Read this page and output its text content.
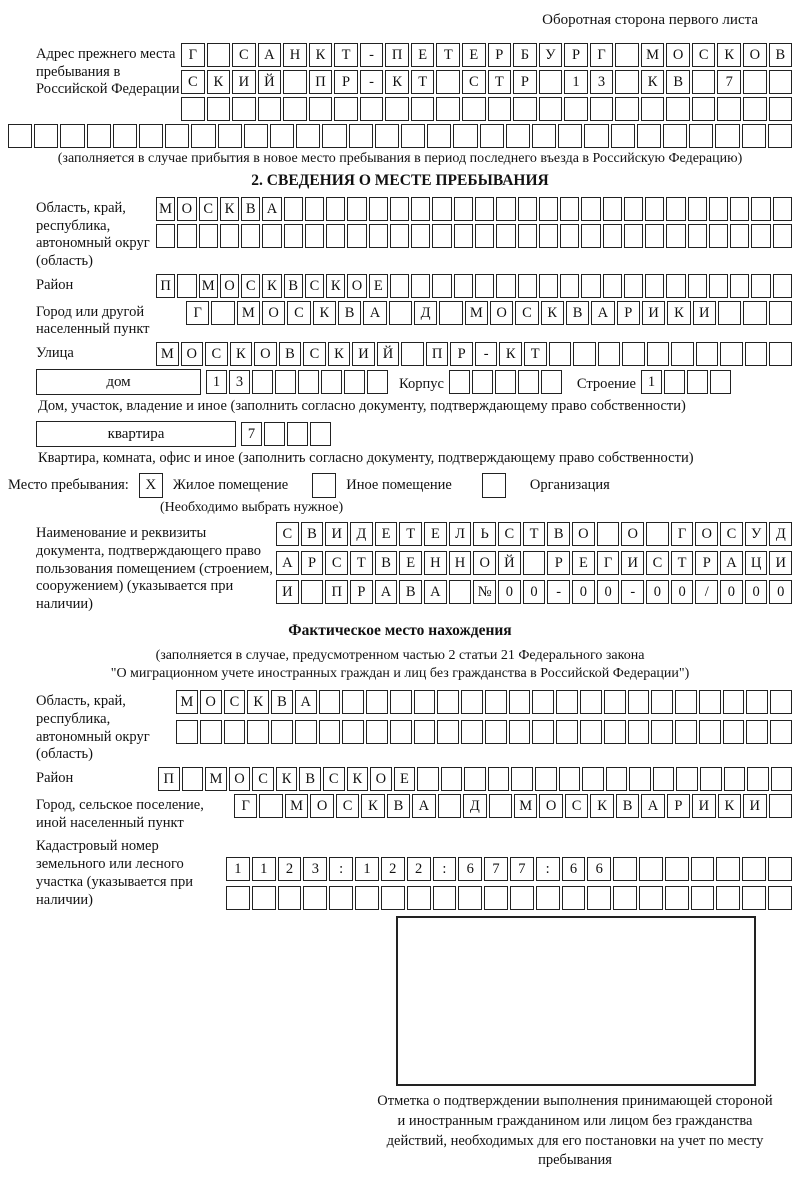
Оборотная сторона первого листа
Адрес прежнего места пребывания в Российской Федерации
Г	С	А	Н	К	Т	-	П	Е	Т	Е	Р	Б	У	Р	Г	М О	С	К	О	В
С	К	И	Й	П	Р	-	К	Т	С	Т	Р	1	3	К	В	7
(заполняется в случае прибытия в новое место пребывания в период последнего въезда в Российскую Федерацию)
2. СВЕДЕНИЯ О МЕСТЕ ПРЕБЫВАНИЯ
Область, край, республика, автономный округ (область)
М О С К В А
Район	П	М О С К В С К О Е
Город или другой населенный пункт
Г	М О	С	К	В	А	Д	М О	С	К	В	А	Р	И	К	И
Улица	М О С	К О В	С	К И Й	П	Р	-	К	Т
дом	1	3	Корпус	Строение 1
Дом, участок, владение и иное (заполнить согласно документу, подтверждающему право собственности)
квартира	7
Квартира, комната, офис и иное (заполнить согласно документу, подтверждающему право собственности)
Место пребывания:	X	Жилое помещение	Иное помещение	Организация
(Необходимо выбрать нужное)
Наименование и реквизиты документа, подтверждающего право пользования помещением (строением, сооружением) (указывается при наличии)
С	В	И Д	Е	Т	Е	Л	Ь	С	Т	В	О	О	Г	О	С	У	Д
А	Р	С	Т	В	Е	Н Н О Й	Р	Е	Г	И	С	Т	Р	А Ц И
И	П	Р	А	В	А	№ 0	0	-	0	0	-	0	0	/	0	0	0
Фактическое место нахождения
(заполняется в случае, предусмотренном частью 2 статьи 21 Федерального закона
"О миграционном учете иностранных граждан и лиц без гражданства в Российской Федерации")
Область, край, республика, автономный округ (область)
М О С К В А
Район	П	М О С К В С К О Е
Город, сельское поселение, иной населенный пункт
Г	М О	С	К	В	А	Д	М О	С	К	В	А	Р	И	К	И
Кадастровый номер земельного или лесного участка (указывается при наличии)
1	1	2	3	:	1	2	2	:	6	7	7	:	6	6
Отметка о подтверждении выполнения принимающей стороной и иностранным гражданином или лицом без гражданства действий, необходимых для его постановки на учет по месту пребывания
